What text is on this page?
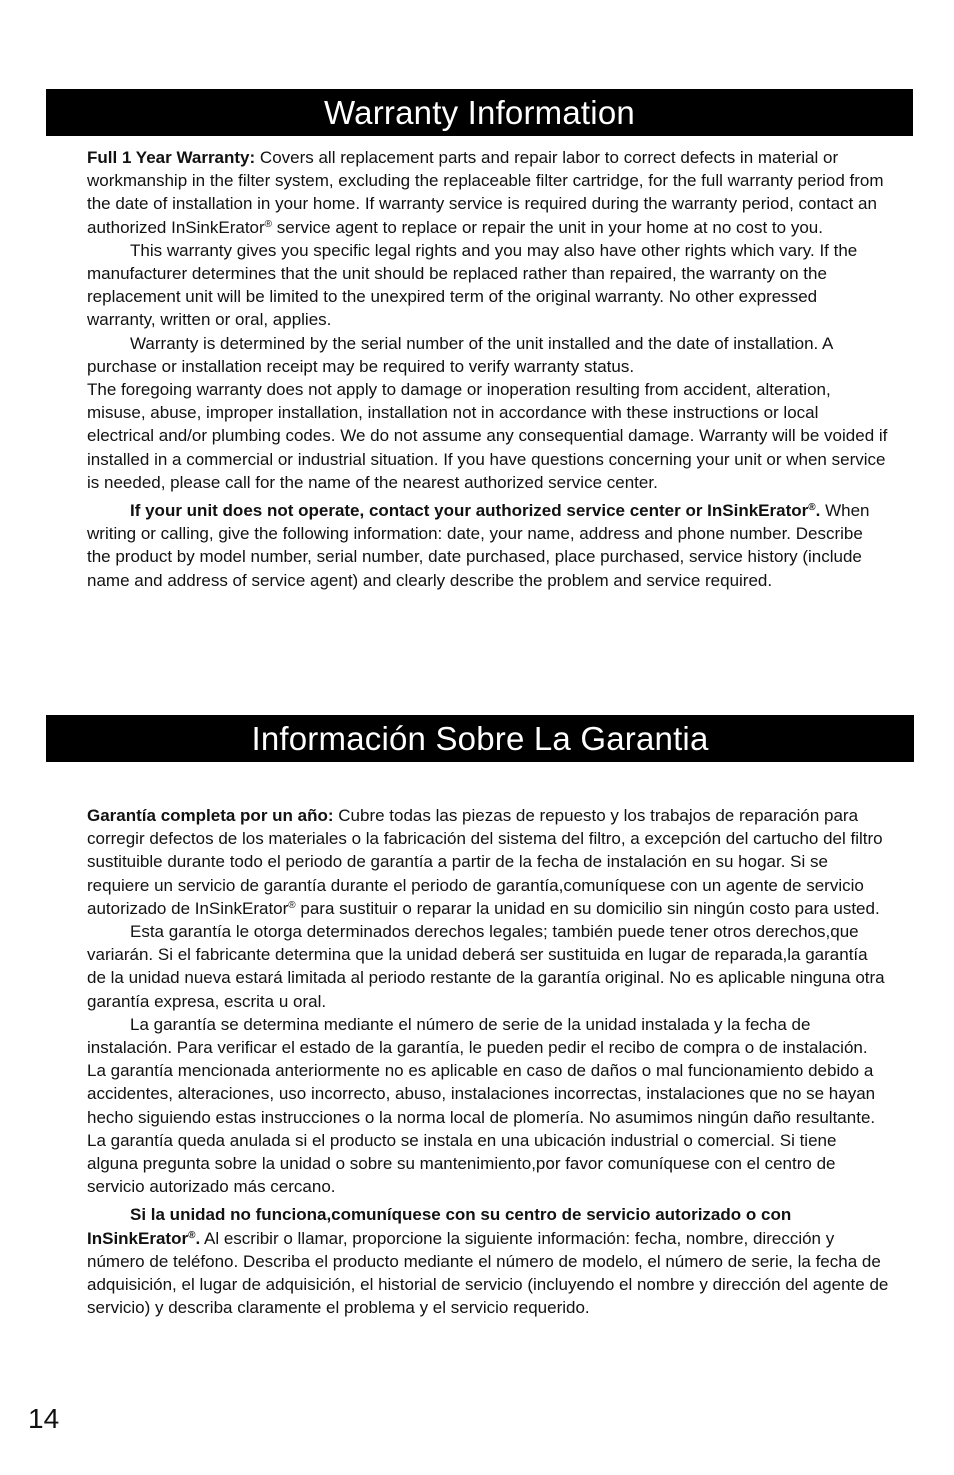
Warranty Information

Full 1 Year Warranty: Covers all replacement parts and repair labor to correct defects in material or workmanship in the filter system, excluding the replaceable filter cartridge, for the full warranty period from the date of installation in your home. If warranty service is required during the warranty period, contact an authorized InSinkErator® service agent to replace or repair the unit in your home at no cost to you.

This warranty gives you specific legal rights and you may also have other rights which vary. If the manufacturer determines that the unit should be replaced rather than repaired, the warranty on the replacement unit will be limited to the unexpired term of the original warranty. No other expressed warranty, written or oral, applies.

Warranty is determined by the serial number of the unit installed and the date of installation. A purchase or installation receipt may be required to verify warranty status.

The foregoing warranty does not apply to damage or inoperation resulting from accident, alteration, misuse, abuse, improper installation, installation not in accordance with these instructions or local electrical and/or plumbing codes. We do not assume any consequential damage. Warranty will be voided if installed in a commercial or industrial situation. If you have questions concerning your unit or when service is needed, please call for the name of the nearest authorized service center.

If your unit does not operate, contact your authorized service center or InSinkErator®. When writing or calling, give the following information: date, your name, address and phone number. Describe the product by model number, serial number, date purchased, place purchased, service history (include name and address of service agent) and clearly describe the problem and service required.

Información Sobre La Garantia

Garantía completa por un año: Cubre todas las piezas de repuesto y los trabajos de reparación para corregir defectos de los materiales o la fabricación del sistema del filtro, a excepción del cartucho del filtro sustituible durante todo el periodo de garantía a partir de la fecha de instalación en su hogar. Si se requiere un servicio de garantía durante el periodo de garantía,comuníquese con un agente de servicio autorizado de InSinkErator® para sustituir o reparar la unidad en su domicilio sin ningún costo para usted.

Esta garantía le otorga determinados derechos legales; también puede tener otros derechos,que variarán. Si el fabricante determina que la unidad deberá ser sustituida en lugar de reparada,la garantía de la unidad nueva estará limitada al periodo restante de la garantía original. No es aplicable ninguna otra garantía expresa, escrita u oral.

La garantía se determina mediante el número de serie de la unidad instalada y la fecha de instalación. Para verificar el estado de la garantía, le pueden pedir el recibo de compra o de instalación. La garantía mencionada anteriormente no es aplicable en caso de daños o mal funcionamiento debido a accidentes, alteraciones, uso incorrecto, abuso, instalaciones incorrectas, instalaciones que no se hayan hecho siguiendo estas instrucciones o la norma local de plomería. No asumimos ningún daño resultante. La garantía queda anulada si el producto se instala en una ubicación industrial o comercial. Si tiene alguna pregunta sobre la unidad o sobre su mantenimiento,por favor comuníquese con el centro de servicio autorizado más cercano.

Si la unidad no funciona,comuníquese con su centro de servicio autorizado o con InSinkErator®. Al escribir o llamar, proporcione la siguiente información: fecha, nombre, dirección y número de teléfono. Describa el producto mediante el número de modelo, el número de serie, la fecha de adquisición, el lugar de adquisición, el historial de servicio (incluyendo el nombre y dirección del agente de servicio) y describa claramente el problema y el servicio requerido.

14
